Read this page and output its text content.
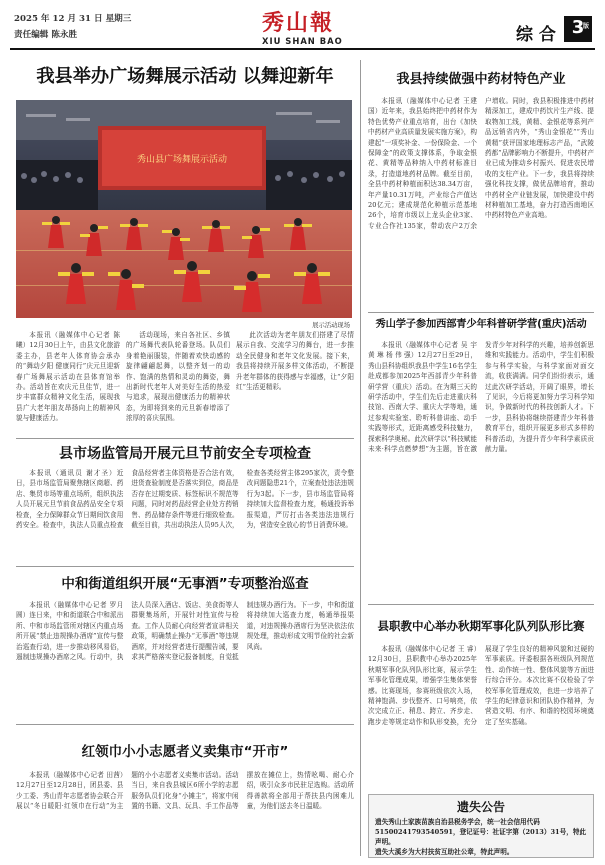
2025 年 12 月 31 日 星期三
责任编辑 陈永胜	秀山報
XIU SHAN BAO	综 合 3
版
我县举办广场舞展示活动 以舞迎新年
秀山县广场舞展示活动
展示活动现场
本报讯（融媒体中心记者 陈曦）12月30日上午，由县文化旅游委主办，县老年人体育协会承办的“舞动夕阳 健康同行”庆元旦迎新春广场舞展示活动在县体育馆举办。活动旨在欢庆元旦佳节，进一步丰富群众精神文化生活，展现我县广大老年朋友昂扬向上的精神风貌与健康活力。
活动现场，来自各社区、乡镇的广场舞代表队轮番登场。队员们身着艳丽服装，伴随着欢快动感的旋律翩翩起舞，以整齐划一的动作、饱满的热情和灵动的舞姿，舞出新时代老年人对美好生活的热爱与追求，展现出健康活力的精神状态，为即将到来的元旦新春增添了浓厚的喜庆氛围。
此次活动为老年朋友们搭建了尽情展示自我、交流学习的舞台，进一步推动全民健身和老年文化发展。接下来，我县将持续开展多样文体活动，不断提升老年群体的获得感与幸福感，让“夕阳红”生活更精彩。
县市场监管局开展元旦节前安全专项检查
本报讯（通讯员 谢才圣）近日，县市场监管局聚焦辖区商超、药店、集贸市场等重点场所，组织执法人员开展元旦节前食品药品安全专项检查，全力保障群众节日期间饮食用药安全。检查中，执法人员重点检查食品经营者主体资格是否合法有效，进货查验制度是否落实到位，商品是否存在过期变质、标签标识不规范等问题，同时对药品经营企业处方药销售、药品储存条件等进行细致检查。截至目前，共出动执法人员95人次，检查各类经营主体295家次，责令整改问题隐患21个，立案查处违法违规行为3起。下一步，县市场监管局将持续加大监督检查力度，畅通投诉举报渠道，严厉打击各类违法违规行为，营造安全放心的节日消费环境。
中和街道组织开展“无事酒”专项整治巡查
本报讯（融媒体中心记者 罗月圆）连日来，中和街道联合中和派出所、中和市场监管所对辖区内重点场所开展“禁止违规操办酒席”宣传与整治巡查行动，进一步推动移风易俗，遏制违规操办酒席之风。行动中，执法人员深入酒店、饭店、美食街等人群聚集场所，开展针对性宣传与检查。工作人员耐心向经营者宣讲相关政策，明确禁止操办“无事酒”等违规酒席，并对经营者进行提醒告诫，要求其严格落实登记报备制度，自觉抵制违规办酒行为。下一步，中和街道将持续加大巡查力度，畅通举报渠道，对违规操办酒席行为坚决依法依规处理，推动形成文明节俭的社会新风尚。
红领巾小小志愿者义卖集市“开市”
本报讯（融媒体中心记者 田茜）12月27日至12月28日，团县委、县少工委、秀山青年志愿者协会联合开展以“冬日暖阳·红领巾在行动”为主题的小小志愿者义卖集市活动。活动当日，来自我县城区6所小学的志愿服务队员们化身“小摊主”，将家中闲置的书籍、文具、玩具、手工作品等摆放在摊位上，热情吆喝、耐心介绍，吸引众多市民驻足选购。活动所得善款将全部用于帮扶县内困难儿童，为他们送去冬日温暖。
我县持续做强中药材特色产业
本报讯（融媒体中心记者 王建国）近年来，我县始终把中药材作为特色优势产业重点培育，出台《加快中药材产业高质量发展实施方案》，构建起“一项奖补金、一份保险金、一个保障金”的政策支撑体系，争取金银花、黄精等品种纳入中药材标准目录，打造道地药材品牌。截至目前，全县中药材种植面积达38.34万亩，年产量10.31万吨，产业综合产值达20亿元；建成规范化种植示范基地26个，培育市级以上龙头企业3家、专业合作社135家，带动农户2万余户增收。同时，我县积极推进中药材精深加工，建成中药饮片生产线、提取物加工线，黄精、金银花等系列产品远销省内外，“秀山金银花”“秀山黄精”获评国家地理标志产品，“武陵药都”品牌影响力不断提升，中药材产业已成为推动乡村振兴、促进农民增收的支柱产业。下一步，我县将持续强化科技支撑，做优品牌培育，推动中药材全产业链发展，加快建设中药材种植加工基地，奋力打造西南地区中药材特色产业高地。
秀山学子参加西部青少年科普研学营(重庆)活动
本报讯（融媒体中心记者 吴 宇 黄 琳 杨 伟 强）12月27日至29日，秀山县科协组织我县中学生16名学生赴成都参加2025年西部青少年科普研学营（重庆）活动。在为期三天的研学活动中，学生们先后走进重庆科技馆、西南大学、重庆大学等地，通过参观实验室、聆听科普讲座、动手实践等形式，近距离感受科技魅力，探索科学奥秘。此次研学以“科技赋能未来·科学点燃梦想”为主题，旨在激发青少年对科学的兴趣，培养创新思维和实践能力。活动中，学生们积极参与科学实验，与科学家面对面交流，收获满满。同学们纷纷表示，通过此次研学活动，开阔了眼界，增长了见识，今后将更加努力学习科学知识，争做新时代的科技创新人才。下一步，县科协将继续搭建青少年科普教育平台，组织开展更多形式多样的科普活动，为提升青少年科学素质贡献力量。
县职教中心举办秋期军事化队列队形比赛
本报讯（融媒体中心记者 王 睿）12月30日，县职教中心举办2025年秋期军事化队列队形比赛，展示学生军事化管理成果，增强学生集体荣誉感。比赛现场，参赛班级依次入场，精神饱满、步伐整齐、口号响亮，依次完成立正、稍息、跨立、齐步走、跑步走等规定动作和队形变换，充分展现了学生良好的精神风貌和过硬的军事素质。评委根据各班级队列规范性、动作统一性、整体风貌等方面进行综合评分。本次比赛不仅检验了学校军事化管理成效，也进一步培养了学生的纪律意识和团队协作精神，为营造文明、有序、和谐的校园环境奠定了坚实基础。
遗失公告
遗失秀山土家族苗族自治县税务学会，统一社会信用代码51500241793540591，登记证号：社证字第（2013）31号，特此声明。
遗失大溪乡为大村扶贫互助社公章，特此声明。
